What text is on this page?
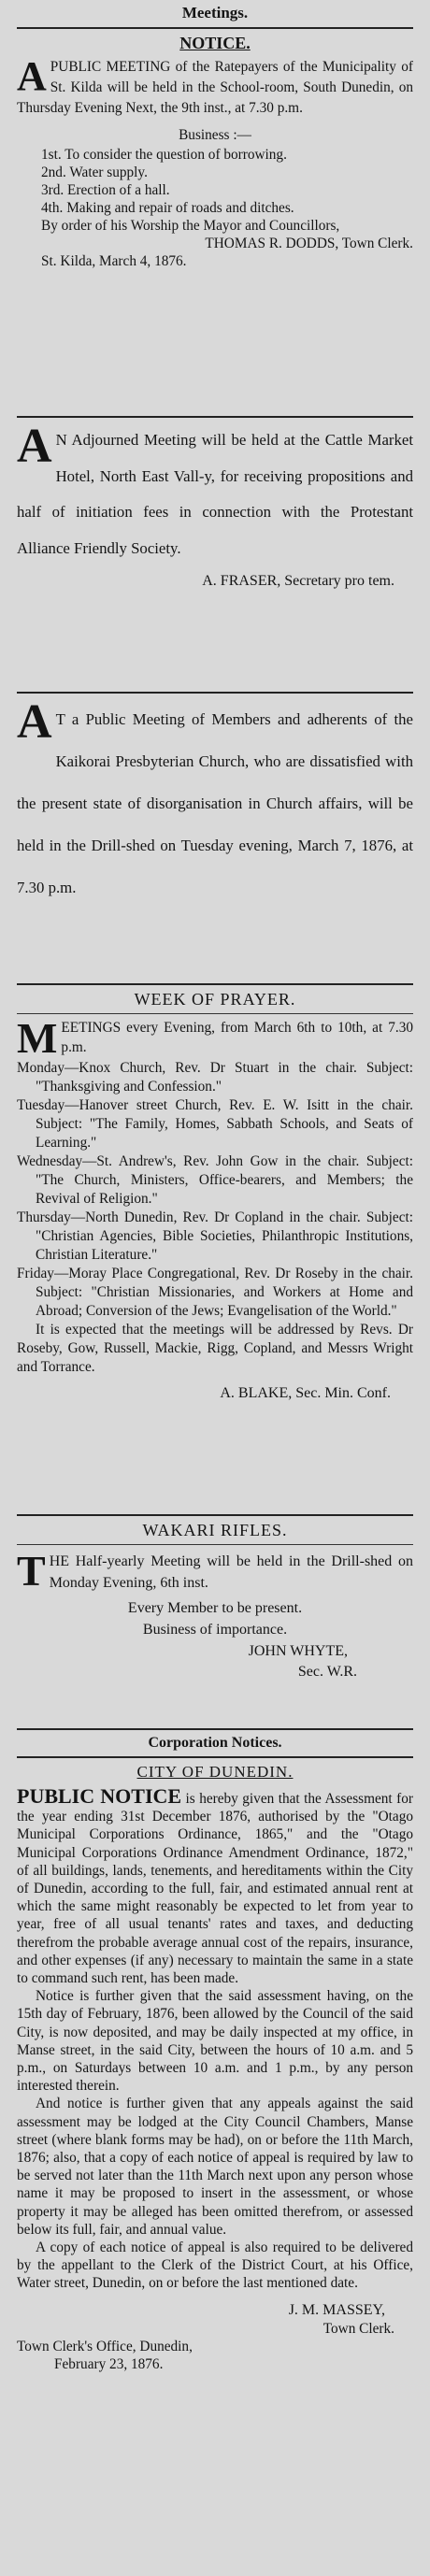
Meetings.
NOTICE.
A PUBLIC MEETING of the Ratepayers of the Municipality of St. Kilda will be held in the School-room, South Dunedin, on Thursday Evening Next, the 9th inst., at 7.30 p.m.

Business :—

1st. To consider the question of borrowing.

2nd. Water supply.

3rd. Erection of a hall.

4th. Making and repair of roads and ditches.

By order of his Worship the Mayor and Councillors,

THOMAS R. DODDS, Town Clerk.

St. Kilda, March 4, 1876.

A N Adjourned Meeting will be held at the Cattle Market Hotel, North East Vall-y, for receiving propositions and half of initiation fees in connection with the Protestant Alliance Friendly Society.

A. FRASER, Secretary pro tem.

A T a Public Meeting of Members and adherents of the Kaikorai Presbyterian Church, who are dissatisfied with the present state of disorganisation in Church affairs, will be held in the Drill-shed on Tuesday evening, March 7, 1876, at 7.30 p.m.

WEEK OF PRAYER.
M EETINGS every Evening, from March 6th to 10th, at 7.30 p.m.

Monday—Knox Church, Rev. Dr Stuart in the chair. Subject: "Thanksgiving and Confession."

Tuesday—Hanover street Church, Rev. E. W. Isitt in the chair. Subject: "The Family, Homes, Sabbath Schools, and Seats of Learning."

Wednesday—St. Andrew's, Rev. John Gow in the chair. Subject: "The Church, Ministers, Office-bearers, and Members; the Revival of Religion."

Thursday—North Dunedin, Rev. Dr Copland in the chair. Subject: "Christian Agencies, Bible Societies, Philanthropic Institutions, Christian Literature."

Friday—Moray Place Congregational, Rev. Dr Roseby in the chair. Subject: "Christian Missionaries, and Workers at Home and Abroad; Conversion of the Jews; Evangelisation of the World."

It is expected that the meetings will be addressed by Revs. Dr Roseby, Gow, Russell, Mackie, Rigg, Copland, and Messrs Wright and Torrance.

A. BLAKE, Sec. Min. Conf.

WAKARI RIFLES.
T HE Half-yearly Meeting will be held in the Drill-shed on Monday Evening, 6th inst.

Every Member to be present.

Business of importance.

JOHN WHYTE,

Sec. W.R.

Corporation Notices.
CITY OF DUNEDIN.

PUBLIC NOTICE is hereby given that the Assessment for the year ending 31st December 1876, authorised by the "Otago Municipal Corporations Ordinance, 1865," and the "Otago Municipal Corporations Ordinance Amendment Ordinance, 1872," of all buildings, lands, tenements, and hereditaments within the City of Dunedin, according to the full, fair, and estimated annual rent at which the same might reasonably be expected to let from year to year, free of all usual tenants' rates and taxes, and deducting therefrom the probable average annual cost of the repairs, insurance, and other expenses (if any) necessary to maintain the same in a state to command such rent, has been made.

Notice is further given that the said assessment having, on the 15th day of February, 1876, been allowed by the Council of the said City, is now deposited, and may be daily inspected at my office, in Manse street, in the said City, between the hours of 10 a.m. and 5 p.m., on Saturdays between 10 a.m. and 1 p.m., by any person interested therein.

And notice is further given that any appeals against the said assessment may be lodged at the City Council Chambers, Manse street (where blank forms may be had), on or before the 11th March, 1876; also, that a copy of each notice of appeal is required by law to be served not later than the 11th March next upon any person whose name it may be proposed to insert in the assessment, or whose property it may be alleged has been omitted therefrom, or assessed below its full, fair, and annual value.

A copy of each notice of appeal is also required to be delivered by the appellant to the Clerk of the District Court, at his Office, Water street, Dunedin, on or before the last mentioned date.

J. M. MASSEY,

Town Clerk.

Town Clerk's Office, Dunedin,

February 23, 1876.
